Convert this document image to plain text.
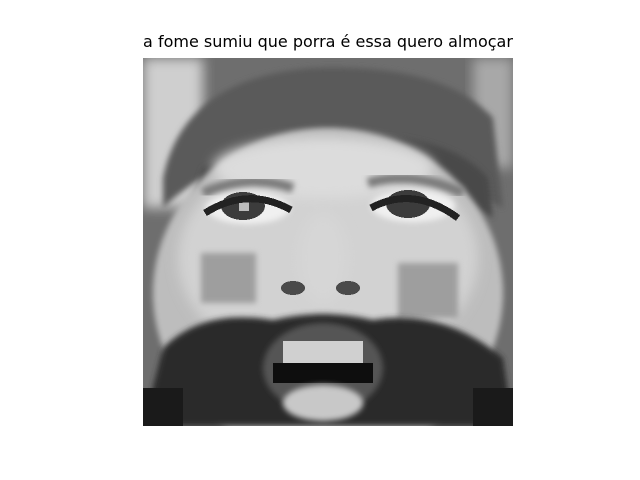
a fome sumiu que porra é essa quero almoçar
